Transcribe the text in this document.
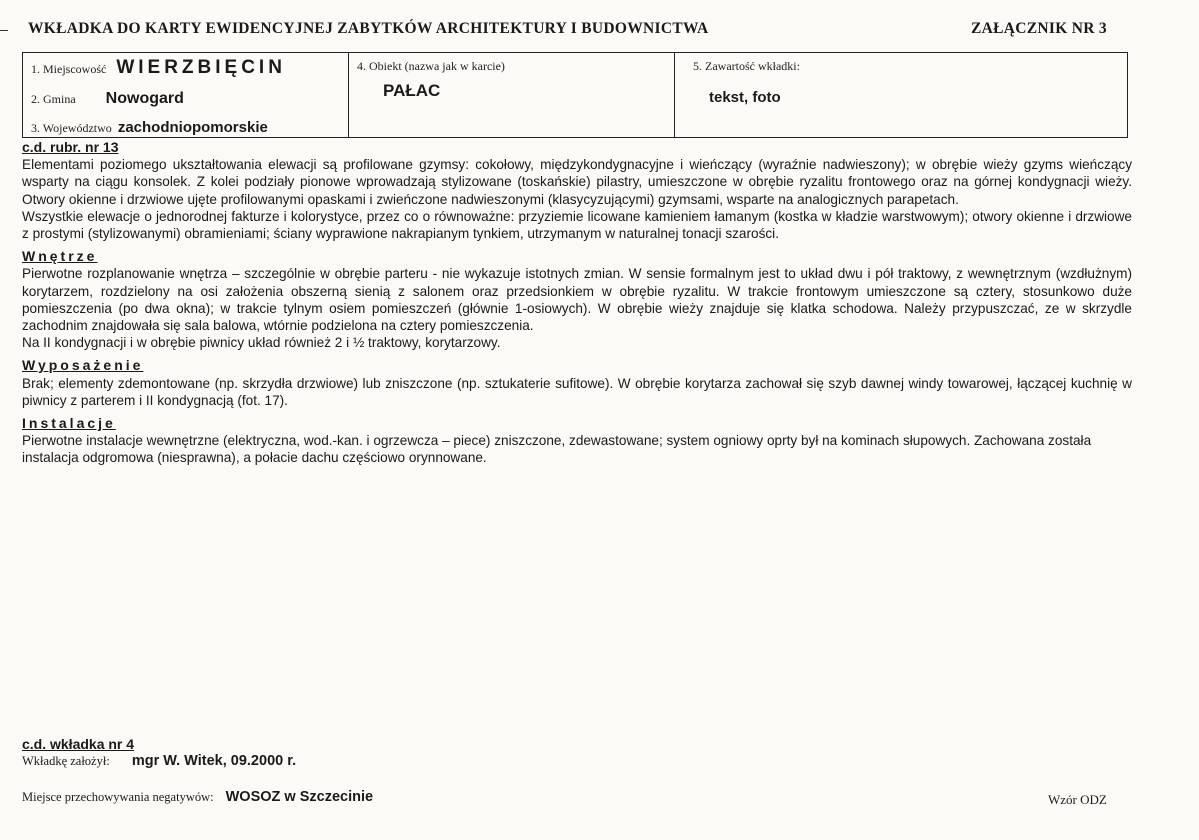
WKŁADKA DO KARTY EWIDENCYJNEJ ZABYTKÓW ARCHITEKTURY I BUDOWNICTWA	ZAŁĄCZNIK NR 3
1. Miejscowość WIERZBIĘCIN
2. Gmina Nowogard
3. Województwo zachodniopomorskie
4. Obiekt (nazwa jak w karcie)
PAŁAC
5. Zawartość wkładki:
tekst, foto
c.d. rubr. nr 13

Elementami poziomego ukształtowania elewacji są profilowane gzymsy: cokołowy, międzykondygnacyjne i wieńczący (wyraźnie nadwieszony); w obrębie wieży gzyms wieńczący wsparty na ciągu konsolek. Z kolei podziały pionowe wprowadzają stylizowane (toskańskie) pilastry, umieszczone w obrębie ryzalitu frontowego oraz na górnej kondygnacji wieży. Otwory okienne i drzwiowe ujęte profilowanymi opaskami i zwieńczone nadwieszonymi (klasycyzującymi) gzymsami, wsparte na analogicznych parapetach.

Wszystkie elewacje o jednorodnej fakturze i kolorystyce, przez co o równoważne: przyziemie licowane kamieniem łamanym (kostka w kładzie warstwowym); otwory okienne i drzwiowe z prostymi (stylizowanymi) obramieniami; ściany wyprawione nakrapianym tynkiem, utrzymanym w naturalnej tonacji szarości.

Wnętrze

Pierwotne rozplanowanie wnętrza – szczególnie w obrębie parteru - nie wykazuje istotnych zmian. W sensie formalnym jest to układ dwu i pół traktowy, z wewnętrznym (wzdłużnym) korytarzem, rozdzielony na osi założenia obszerną sienią z salonem oraz przedsionkiem w obrębie ryzalitu. W trakcie frontowym umieszczone są cztery, stosunkowo duże pomieszczenia (po dwa okna); w trakcie tylnym osiem pomieszczeń (głównie 1-osiowych). W obrębie wieży znajduje się klatka schodowa. Należy przypuszczać, ze w skrzydle zachodnim znajdowała się sala balowa, wtórnie podzielona na cztery pomieszczenia.

Na II kondygnacji i w obrębie piwnicy układ również 2 i ½ traktowy, korytarzowy.

Wyposażenie

Brak; elementy zdemontowane (np. skrzydła drzwiowe) lub zniszczone (np. sztukaterie sufitowe). W obrębie korytarza zachował się szyb dawnej windy towarowej, łączącej kuchnię w piwnicy z parterem i II kondygnacją (fot. 17).

Instalacje

Pierwotne instalacje wewnętrzne (elektryczna, wod.-kan. i ogrzewcza – piece) zniszczone, zdewastowane; system ogniowy oprty był na kominach słupowych. Zachowana została instalacja odgromowa (niesprawna), a połacie dachu częściowo orynnowane.

c.d. wkładka nr 4
Wkładkę założył: mgr W. Witek, 09.2000 r.
Miejsce przechowywania negatywów: WOSOZ w Szczecinie	Wzór ODZ
